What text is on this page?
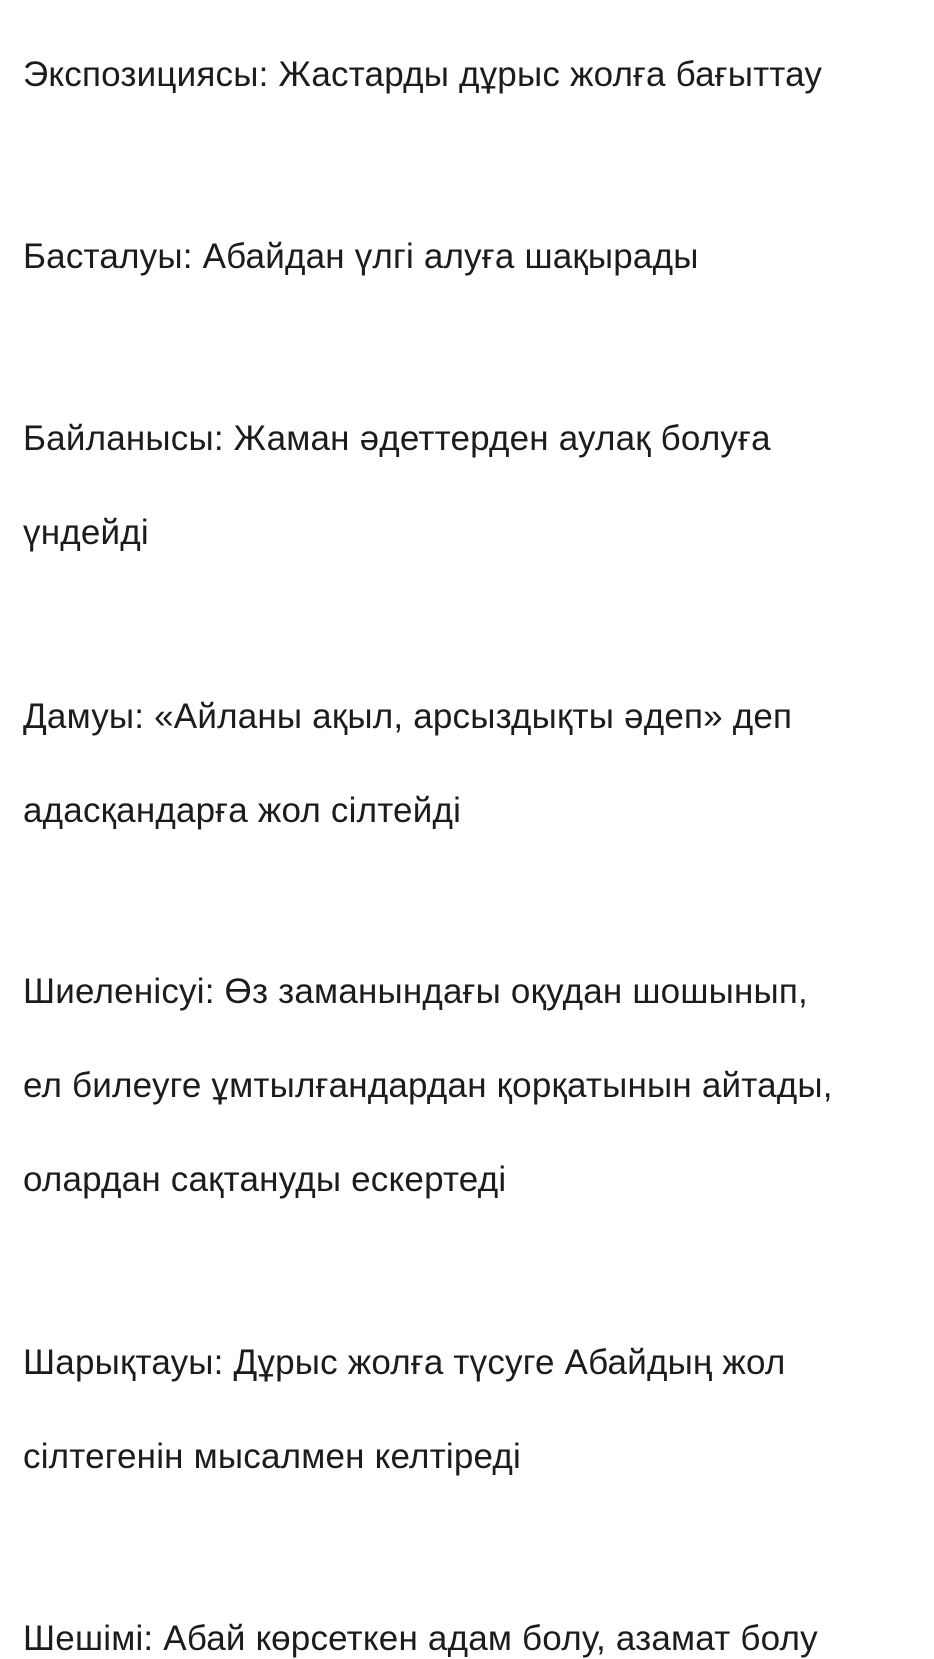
Экспозициясы: Жастарды дұрыс жолға бағыттау

Басталуы: Абайдан үлгі алуға шақырады

Байланысы: Жаман әдеттерден аулақ болуға

үндейді

Дамуы: «Айланы ақыл, арсыздықты әдеп» деп

адасқандарға жол сілтейді

Шиеленісуі: Өз заманындағы оқудан шошынып,

ел билеуге ұмтылғандардан қорқатынын айтады,

олардан сақтануды ескертеді

Шарықтауы: Дұрыс жолға түсуге Абайдың жол

сілтегенін мысалмен келтіреді

Шешімі: Абай көрсеткен адам болу, азамат болу
